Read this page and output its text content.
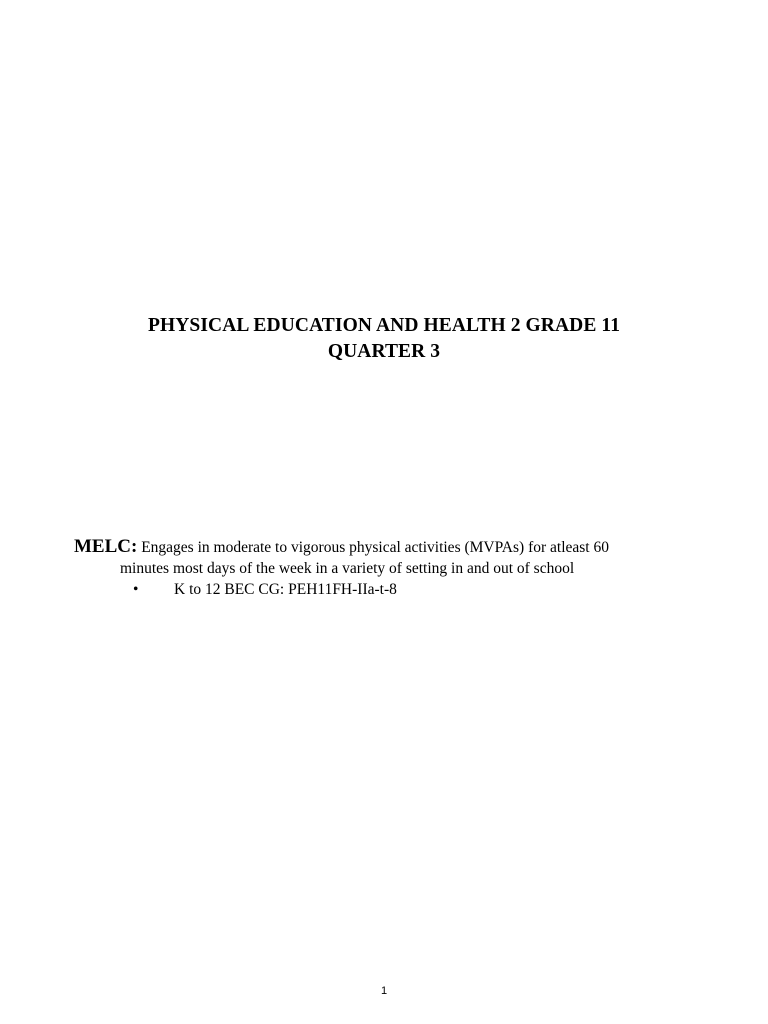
PHYSICAL EDUCATION AND HEALTH 2 GRADE 11
QUARTER 3
MELC: Engages in moderate to vigorous physical activities (MVPAs) for atleast 60
minutes most days of the week in a variety of setting in and out of school
• K to 12 BEC CG: PEH11FH-IIa-t-8
1
